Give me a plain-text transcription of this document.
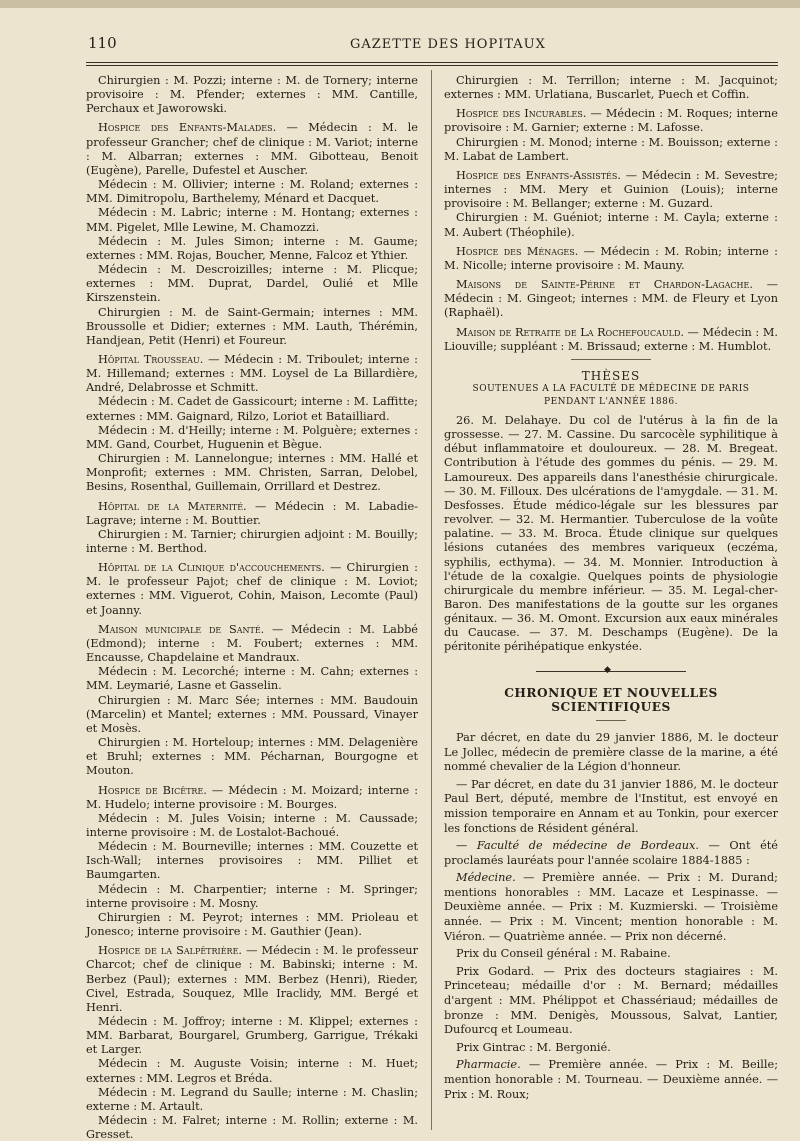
110	GAZETTE DES HOPITAUX

Chirurgien : M. Pozzi; interne : M. de Tornery; interne provisoire : M. Pfender; externes : MM. Cantille, Perchaux et Jaworowski.

Hospice des Enfants-Malades. — Médecin : M. le professeur Grancher; chef de clinique : M. Variot; interne : M. Albarran; externes : MM. Gibotteau, Benoit (Eugène), Parelle, Dufestel et Auscher.

Médecin : M. Ollivier; interne : M. Roland; externes : MM. Dimitropolu, Barthelemy, Ménard et Dacquet.

Médecin : M. Labric; interne : M. Hontang; externes : MM. Pigelet, Mlle Lewine, M. Chamozzi.

Médecin : M. Jules Simon; interne : M. Gaume; externes : MM. Rojas, Boucher, Menne, Falcoz et Ythier.

Médecin : M. Descroizilles; interne : M. Plicque; externes : MM. Duprat, Dardel, Oulié et Mlle Kirszenstein.

Chirurgien : M. de Saint-Germain; internes : MM. Broussolle et Didier; externes : MM. Lauth, Thérémin, Handjean, Petit (Henri) et Foureur.

Hôpital Trousseau. — Médecin : M. Triboulet; interne : M. Hillemand; externes : MM. Loysel de La Billardière, André, Delabrosse et Schmitt.

Médecin : M. Cadet de Gassicourt; interne : M. Laffitte; externes : MM. Gaignard, Rilzo, Loriot et Batailliard.

Médecin : M. d'Heilly; interne : M. Polguère; externes : MM. Gand, Courbet, Huguenin et Bègue.

Chirurgien : M. Lannelongue; internes : MM. Hallé et Monprofit; externes : MM. Christen, Sarran, Delobel, Besins, Rosenthal, Guillemain, Orrillard et Destrez.

Hôpital de la Maternité. — Médecin : M. Labadie-Lagrave; interne : M. Bouttier.

Chirurgien : M. Tarnier; chirurgien adjoint : M. Bouilly; interne : M. Berthod.

Hôpital de la Clinique d'accouchements. — Chirurgien : M. le professeur Pajot; chef de clinique : M. Loviot; externes : MM. Viguerot, Cohin, Maison, Lecomte (Paul) et Joanny.

Maison municipale de Santé. — Médecin : M. Labbé (Edmond); interne : M. Foubert; externes : MM. Encausse, Chapdelaine et Mandraux.

Médecin : M. Lecorché; interne : M. Cahn; externes : MM. Leymarié, Lasne et Gasselin.

Chirurgien : M. Marc Sée; internes : MM. Baudouin (Marcelin) et Mantel; externes : MM. Poussard, Vinayer et Mosès.

Chirurgien : M. Horteloup; internes : MM. Delagenière et Bruhl; externes : MM. Pécharnan, Bourgogne et Mouton.

Hospice de Bicêtre. — Médecin : M. Moizard; interne : M. Hudelo; interne provisoire : M. Bourges.

Médecin : M. Jules Voisin; interne : M. Caussade; interne provisoire : M. de Lostalot-Bachoué.

Médecin : M. Bourneville; internes : MM. Couzette et Isch-Wall; internes provisoires : MM. Pilliet et Baumgarten.

Médecin : M. Charpentier; interne : M. Springer; interne provisoire : M. Mosny.

Chirurgien : M. Peyrot; internes : MM. Prioleau et Jonesco; interne provisoire : M. Gauthier (Jean).

Hospice de la Salpêtrière. — Médecin : M. le professeur Charcot; chef de clinique : M. Babinski; interne : M. Berbez (Paul); externes : MM. Berbez (Henri), Rieder, Civel, Estrada, Souquez, Mlle Iraclidy, MM. Bergé et Henri.

Médecin : M. Joffroy; interne : M. Klippel; externes : MM. Barbarat, Bourgarel, Grumberg, Garrigue, Trékaki et Larger.

Médecin : M. Auguste Voisin; interne : M. Huet; externes : MM. Legros et Bréda.

Médecin : M. Legrand du Saulle; interne : M. Chaslin; externe : M. Artault.

Médecin : M. Falret; interne : M. Rollin; externe : M. Gresset.

Chirurgien : M. Terrillon; interne : M. Jacquinot; externes : MM. Urlatiana, Buscarlet, Puech et Coffin.

Hospice des Incurables. — Médecin : M. Roques; interne provisoire : M. Garnier; externe : M. Lafosse.

Chirurgien : M. Monod; interne : M. Bouisson; externe : M. Labat de Lambert.

Hospice des Enfants-Assistés. — Médecin : M. Sevestre; internes : MM. Mery et Guinion (Louis); interne provisoire : M. Bellanger; externe : M. Guzard.

Chirurgien : M. Guéniot; interne : M. Cayla; externe : M. Aubert (Théophile).

Hospice des Ménages. — Médecin : M. Robin; interne : M. Nicolle; interne provisoire : M. Mauny.

Maisons de Sainte-Périne et Chardon-Lagache. — Médecin : M. Gingeot; internes : MM. de Fleury et Lyon (Raphaël).

Maison de Retraite de La Rochefoucauld. — Médecin : M. Liouville; suppléant : M. Brissaud; externe : M. Humblot.

THÈSES

SOUTENUES A LA FACULTÉ DE MÉDECINE DE PARIS

PENDANT L'ANNÉE 1886.

26. M. Delahaye. Du col de l'utérus à la fin de la grossesse. — 27. M. Cassine. Du sarcocèle syphilitique à début inflammatoire et douloureux. — 28. M. Bregeat. Contribution à l'étude des gommes du pénis. — 29. M. Lamoureux. Des appareils dans l'anesthésie chirurgicale. — 30. M. Filloux. Des ulcérations de l'amygdale. — 31. M. Desfosses. Étude médico-légale sur les blessures par revolver. — 32. M. Hermantier. Tuberculose de la voûte palatine. — 33. M. Broca. Étude clinique sur quelques lésions cutanées des membres variqueux (eczéma, syphilis, ecthyma). — 34. M. Monnier. Introduction à l'étude de la coxalgie. Quelques points de physiologie chirurgicale du membre inférieur. — 35. M. Legal-cher-Baron. Des manifestations de la goutte sur les organes génitaux. — 36. M. Omont. Excursion aux eaux minérales du Caucase. — 37. M. Deschamps (Eugène). De la péritonite périhépatique enkystée.

◆

CHRONIQUE ET NOUVELLES SCIENTIFIQUES

Par décret, en date du 29 janvier 1886, M. le docteur Le Jollec, médecin de première classe de la marine, a été nommé chevalier de la Légion d'honneur.

— Par décret, en date du 31 janvier 1886, M. le docteur Paul Bert, député, membre de l'Institut, est envoyé en mission temporaire en Annam et au Tonkin, pour exercer les fonctions de Résident général.

— Faculté de médecine de Bordeaux. — Ont été proclamés lauréats pour l'année scolaire 1884-1885 :

Médecine. — Première année. — Prix : M. Durand; mentions honorables : MM. Lacaze et Lespinasse. — Deuxième année. — Prix : M. Kuzmierski. — Troisième année. — Prix : M. Vincent; mention honorable : M. Viéron. — Quatrième année. — Prix non décerné.

Prix du Conseil général : M. Rabaine.

Prix Godard. — Prix des docteurs stagiaires : M. Princeteau; médaille d'or : M. Bernard; médailles d'argent : MM. Phélippot et Chassériaud; médailles de bronze : MM. Denigès, Moussous, Salvat, Lantier, Dufourcq et Loumeau.

Prix Gintrac : M. Bergonié.

Pharmacie. — Première année. — Prix : M. Beille; mention honorable : M. Tourneau. — Deuxième année. — Prix : M. Roux;
